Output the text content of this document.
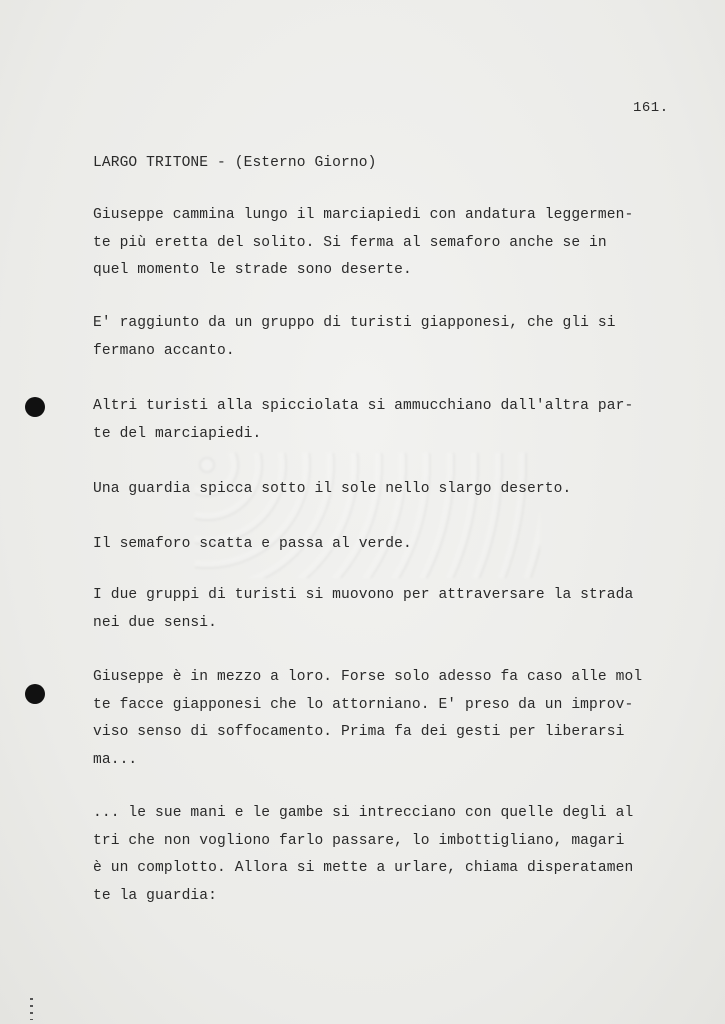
161.
LARGO TRITONE - (Esterno Giorno)
Giuseppe cammina lungo il marciapiedi con andatura leggermen-
te più eretta del solito. Si ferma al semaforo anche se in
quel momento le strade sono deserte.
E' raggiunto da un gruppo di turisti giapponesi, che gli si
fermano accanto.
Altri turisti alla spicciolata si ammucchiano dall'altra par-
te del marciapiedi.
Una guardia spicca sotto il sole nello slargo deserto.
Il semaforo scatta e passa al verde.
I due gruppi di turisti si muovono per attraversare la strada
nei due sensi.
Giuseppe è in mezzo a loro. Forse solo adesso fa caso alle mol
te facce giapponesi che lo attorniano. E' preso da un improv-
viso senso di soffocamento. Prima fa dei gesti per liberarsi
ma...
... le sue mani e le gambe si intrecciano con quelle degli al
tri che non vogliono farlo passare, lo imbottigliano, magari
è un complotto. Allora si mette a urlare, chiama disperatamen
te la guardia:
